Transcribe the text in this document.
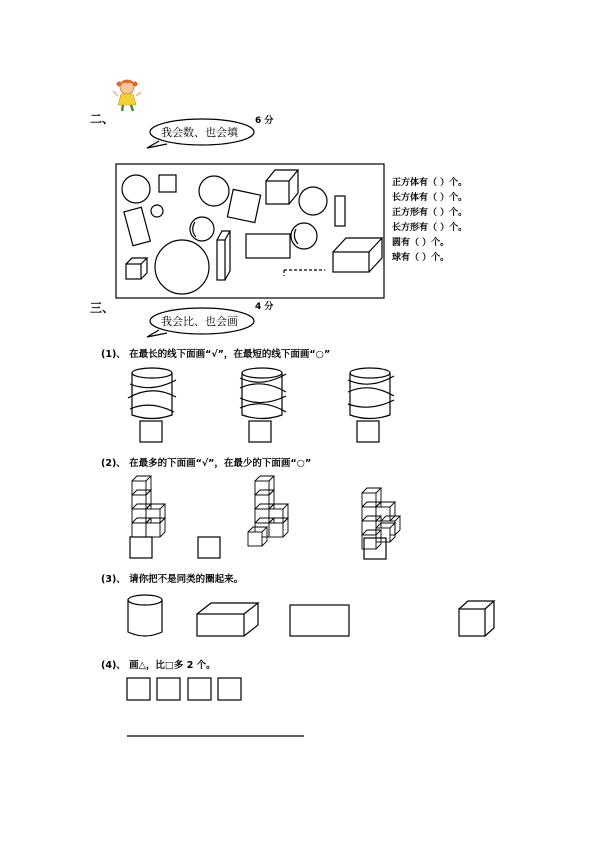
二、
我会数、也会填
6 分
正方体有（ ）个。
长方体有（ ）个。
正方形有（ ）个。
长方形有（ ）个。
圆有（ ）个。
球有（ ）个。
三、
我会比、也会画
4 分
(1)、 在最长的线下面画“√”，在最短的线下面画“○”
(2)、 在最多的下面画“√”，在最少的下面画“○”
(3)、 请你把不是同类的圈起来。
(4)、 画△，比□多 2 个。
